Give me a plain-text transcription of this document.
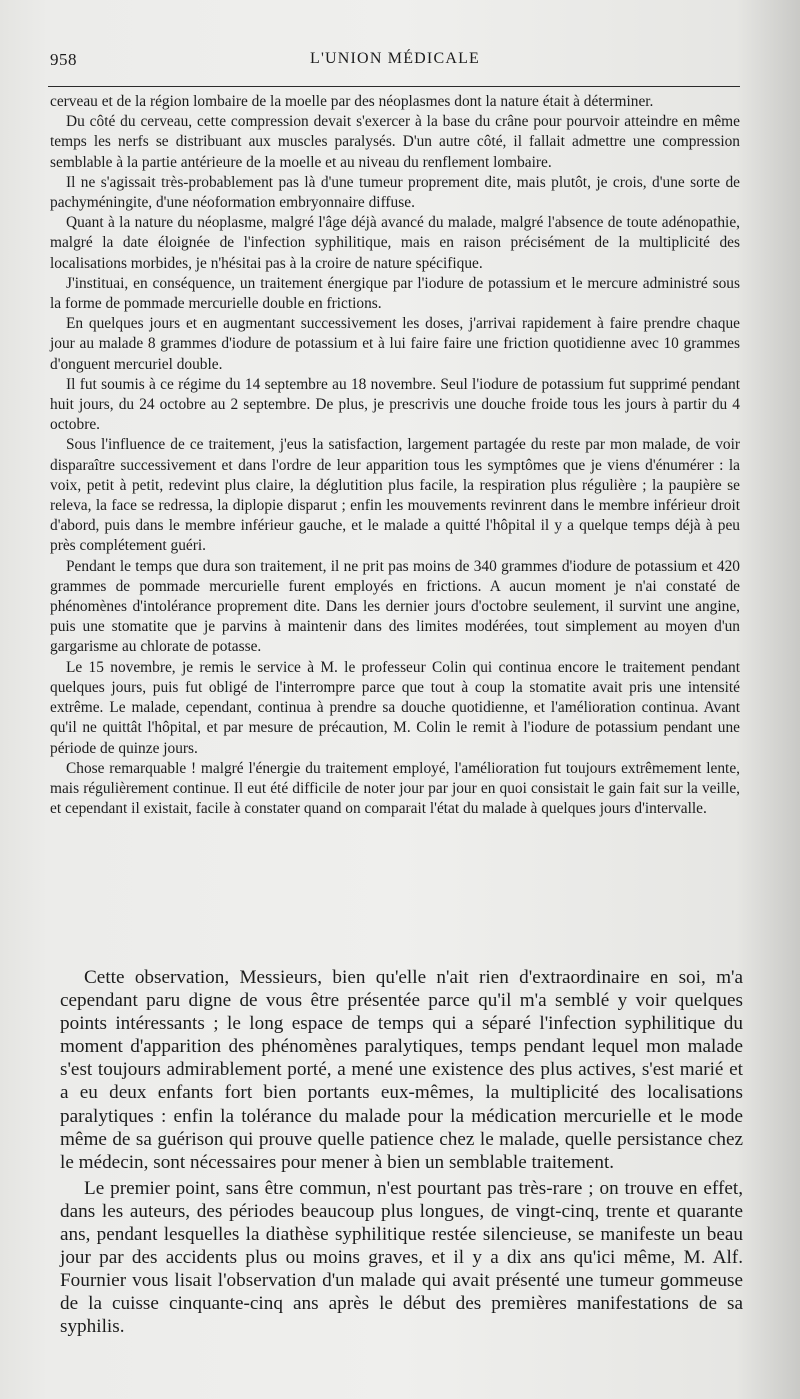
958	L'UNION MÉDICALE

cerveau et de la région lombaire de la moelle par des néoplasmes dont la nature était à déterminer.

Du côté du cerveau, cette compression devait s'exercer à la base du crâne pour pourvoir atteindre en même temps les nerfs se distribuant aux muscles paralysés. D'un autre côté, il fallait admettre une compression semblable à la partie antérieure de la moelle et au niveau du renflement lombaire.

Il ne s'agissait très-probablement pas là d'une tumeur proprement dite, mais plutôt, je crois, d'une sorte de pachyméningite, d'une néoformation embryonnaire diffuse.

Quant à la nature du néoplasme, malgré l'âge déjà avancé du malade, malgré l'absence de toute adénopathie, malgré la date éloignée de l'infection syphilitique, mais en raison précisément de la multiplicité des localisations morbides, je n'hésitai pas à la croire de nature spécifique.

J'instituai, en conséquence, un traitement énergique par l'iodure de potassium et le mercure administré sous la forme de pommade mercurielle double en frictions.

En quelques jours et en augmentant successivement les doses, j'arrivai rapidement à faire prendre chaque jour au malade 8 grammes d'iodure de potassium et à lui faire faire une friction quotidienne avec 10 grammes d'onguent mercuriel double.

Il fut soumis à ce régime du 14 septembre au 18 novembre. Seul l'iodure de potassium fut supprimé pendant huit jours, du 24 octobre au 2 septembre. De plus, je prescrivis une douche froide tous les jours à partir du 4 octobre.

Sous l'influence de ce traitement, j'eus la satisfaction, largement partagée du reste par mon malade, de voir disparaître successivement et dans l'ordre de leur apparition tous les symptômes que je viens d'énumérer : la voix, petit à petit, redevint plus claire, la déglutition plus facile, la respiration plus régulière ; la paupière se releva, la face se redressa, la diplopie disparut ; enfin les mouvements revinrent dans le membre inférieur droit d'abord, puis dans le membre inférieur gauche, et le malade a quitté l'hôpital il y a quelque temps déjà à peu près complétement guéri.

Pendant le temps que dura son traitement, il ne prit pas moins de 340 grammes d'iodure de potassium et 420 grammes de pommade mercurielle furent employés en frictions. A aucun moment je n'ai constaté de phénomènes d'intolérance proprement dite. Dans les dernier jours d'octobre seulement, il survint une angine, puis une stomatite que je parvins à maintenir dans des limites modérées, tout simplement au moyen d'un gargarisme au chlorate de potasse.

Le 15 novembre, je remis le service à M. le professeur Colin qui continua encore le traitement pendant quelques jours, puis fut obligé de l'interrompre parce que tout à coup la stomatite avait pris une intensité extrême. Le malade, cependant, continua à prendre sa douche quotidienne, et l'amélioration continua. Avant qu'il ne quittât l'hôpital, et par mesure de précaution, M. Colin le remit à l'iodure de potassium pendant une période de quinze jours.

Chose remarquable ! malgré l'énergie du traitement employé, l'amélioration fut toujours extrêmement lente, mais régulièrement continue. Il eut été difficile de noter jour par jour en quoi consistait le gain fait sur la veille, et cependant il existait, facile à constater quand on comparait l'état du malade à quelques jours d'intervalle.

Cette observation, Messieurs, bien qu'elle n'ait rien d'extraordinaire en soi, m'a cependant paru digne de vous être présentée parce qu'il m'a semblé y voir quelques points intéressants ; le long espace de temps qui a séparé l'infection syphilitique du moment d'apparition des phénomènes paralytiques, temps pendant lequel mon malade s'est toujours admirablement porté, a mené une existence des plus actives, s'est marié et a eu deux enfants fort bien portants eux-mêmes, la multiplicité des localisations paralytiques : enfin la tolérance du malade pour la médication mercurielle et le mode même de sa guérison qui prouve quelle patience chez le malade, quelle persistance chez le médecin, sont nécessaires pour mener à bien un semblable traitement.

Le premier point, sans être commun, n'est pourtant pas très-rare ; on trouve en effet, dans les auteurs, des périodes beaucoup plus longues, de vingt-cinq, trente et quarante ans, pendant lesquelles la diathèse syphilitique restée silencieuse, se manifeste un beau jour par des accidents plus ou moins graves, et il y a dix ans qu'ici même, M. Alf. Fournier vous lisait l'observation d'un malade qui avait présenté une tumeur gommeuse de la cuisse cinquante-cinq ans après le début des premières manifestations de sa syphilis.
